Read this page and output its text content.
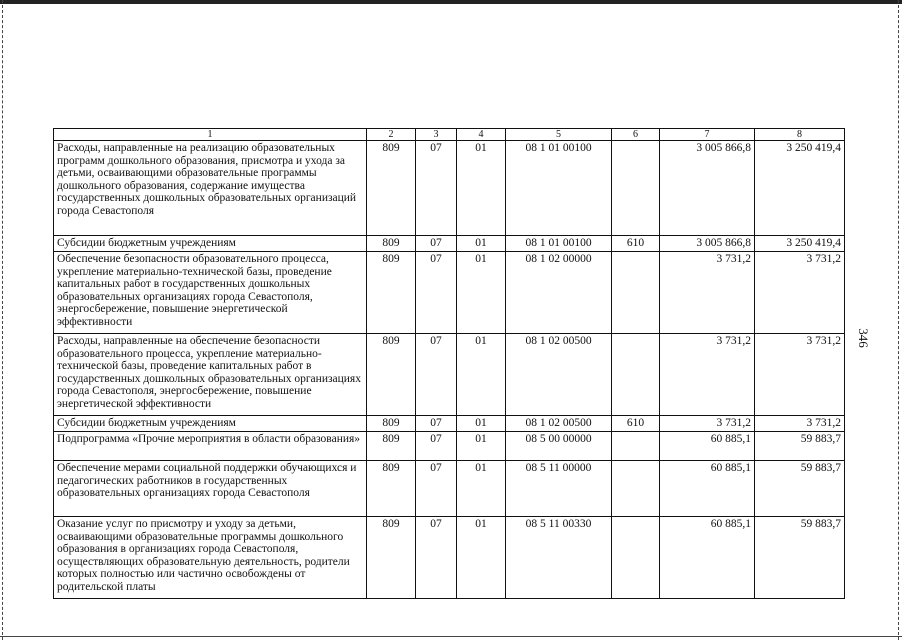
346
1	2	3	4	5	6	7	8
Расходы, направленные на реализацию образовательных программ дошкольного образования, присмотра и ухода за детьми, осваивающими образовательные программы дошкольного образования, содержание имущества государственных дошкольных образовательных организаций города Севастополя	809	07	01	08 1 01 00100		3 005 866,8	3 250 419,4
Субсидии бюджетным учреждениям	809	07	01	08 1 01 00100	610	3 005 866,8	3 250 419,4
Обеспечение безопасности образовательного процесса, укрепление материально-технической базы, проведение капитальных работ в государственных дошкольных образовательных организациях города Севастополя, энергосбережение, повышение энергетической эффективности	809	07	01	08 1 02 00000		3 731,2	3 731,2
Расходы, направленные на обеспечение безопасности образовательного процесса, укрепление материально-технической базы, проведение капитальных работ в государственных дошкольных образовательных организациях города Севастополя, энергосбережение, повышение энергетической эффективности	809	07	01	08 1 02 00500		3 731,2	3 731,2
Субсидии бюджетным учреждениям	809	07	01	08 1 02 00500	610	3 731,2	3 731,2
Подпрограмма «Прочие мероприятия в области образования»	809	07	01	08 5 00 00000		60 885,1	59 883,7
Обеспечение мерами социальной поддержки обучающихся и педагогических работников в государственных образовательных организациях города Севастополя	809	07	01	08 5 11 00000		60 885,1	59 883,7
Оказание услуг по присмотру и уходу за детьми, осваивающими образовательные программы дошкольного образования в организациях города Севастополя, осуществляющих образовательную деятельность, родители которых полностью или частично освобождены от родительской платы	809	07	01	08 5 11 00330		60 885,1	59 883,7
